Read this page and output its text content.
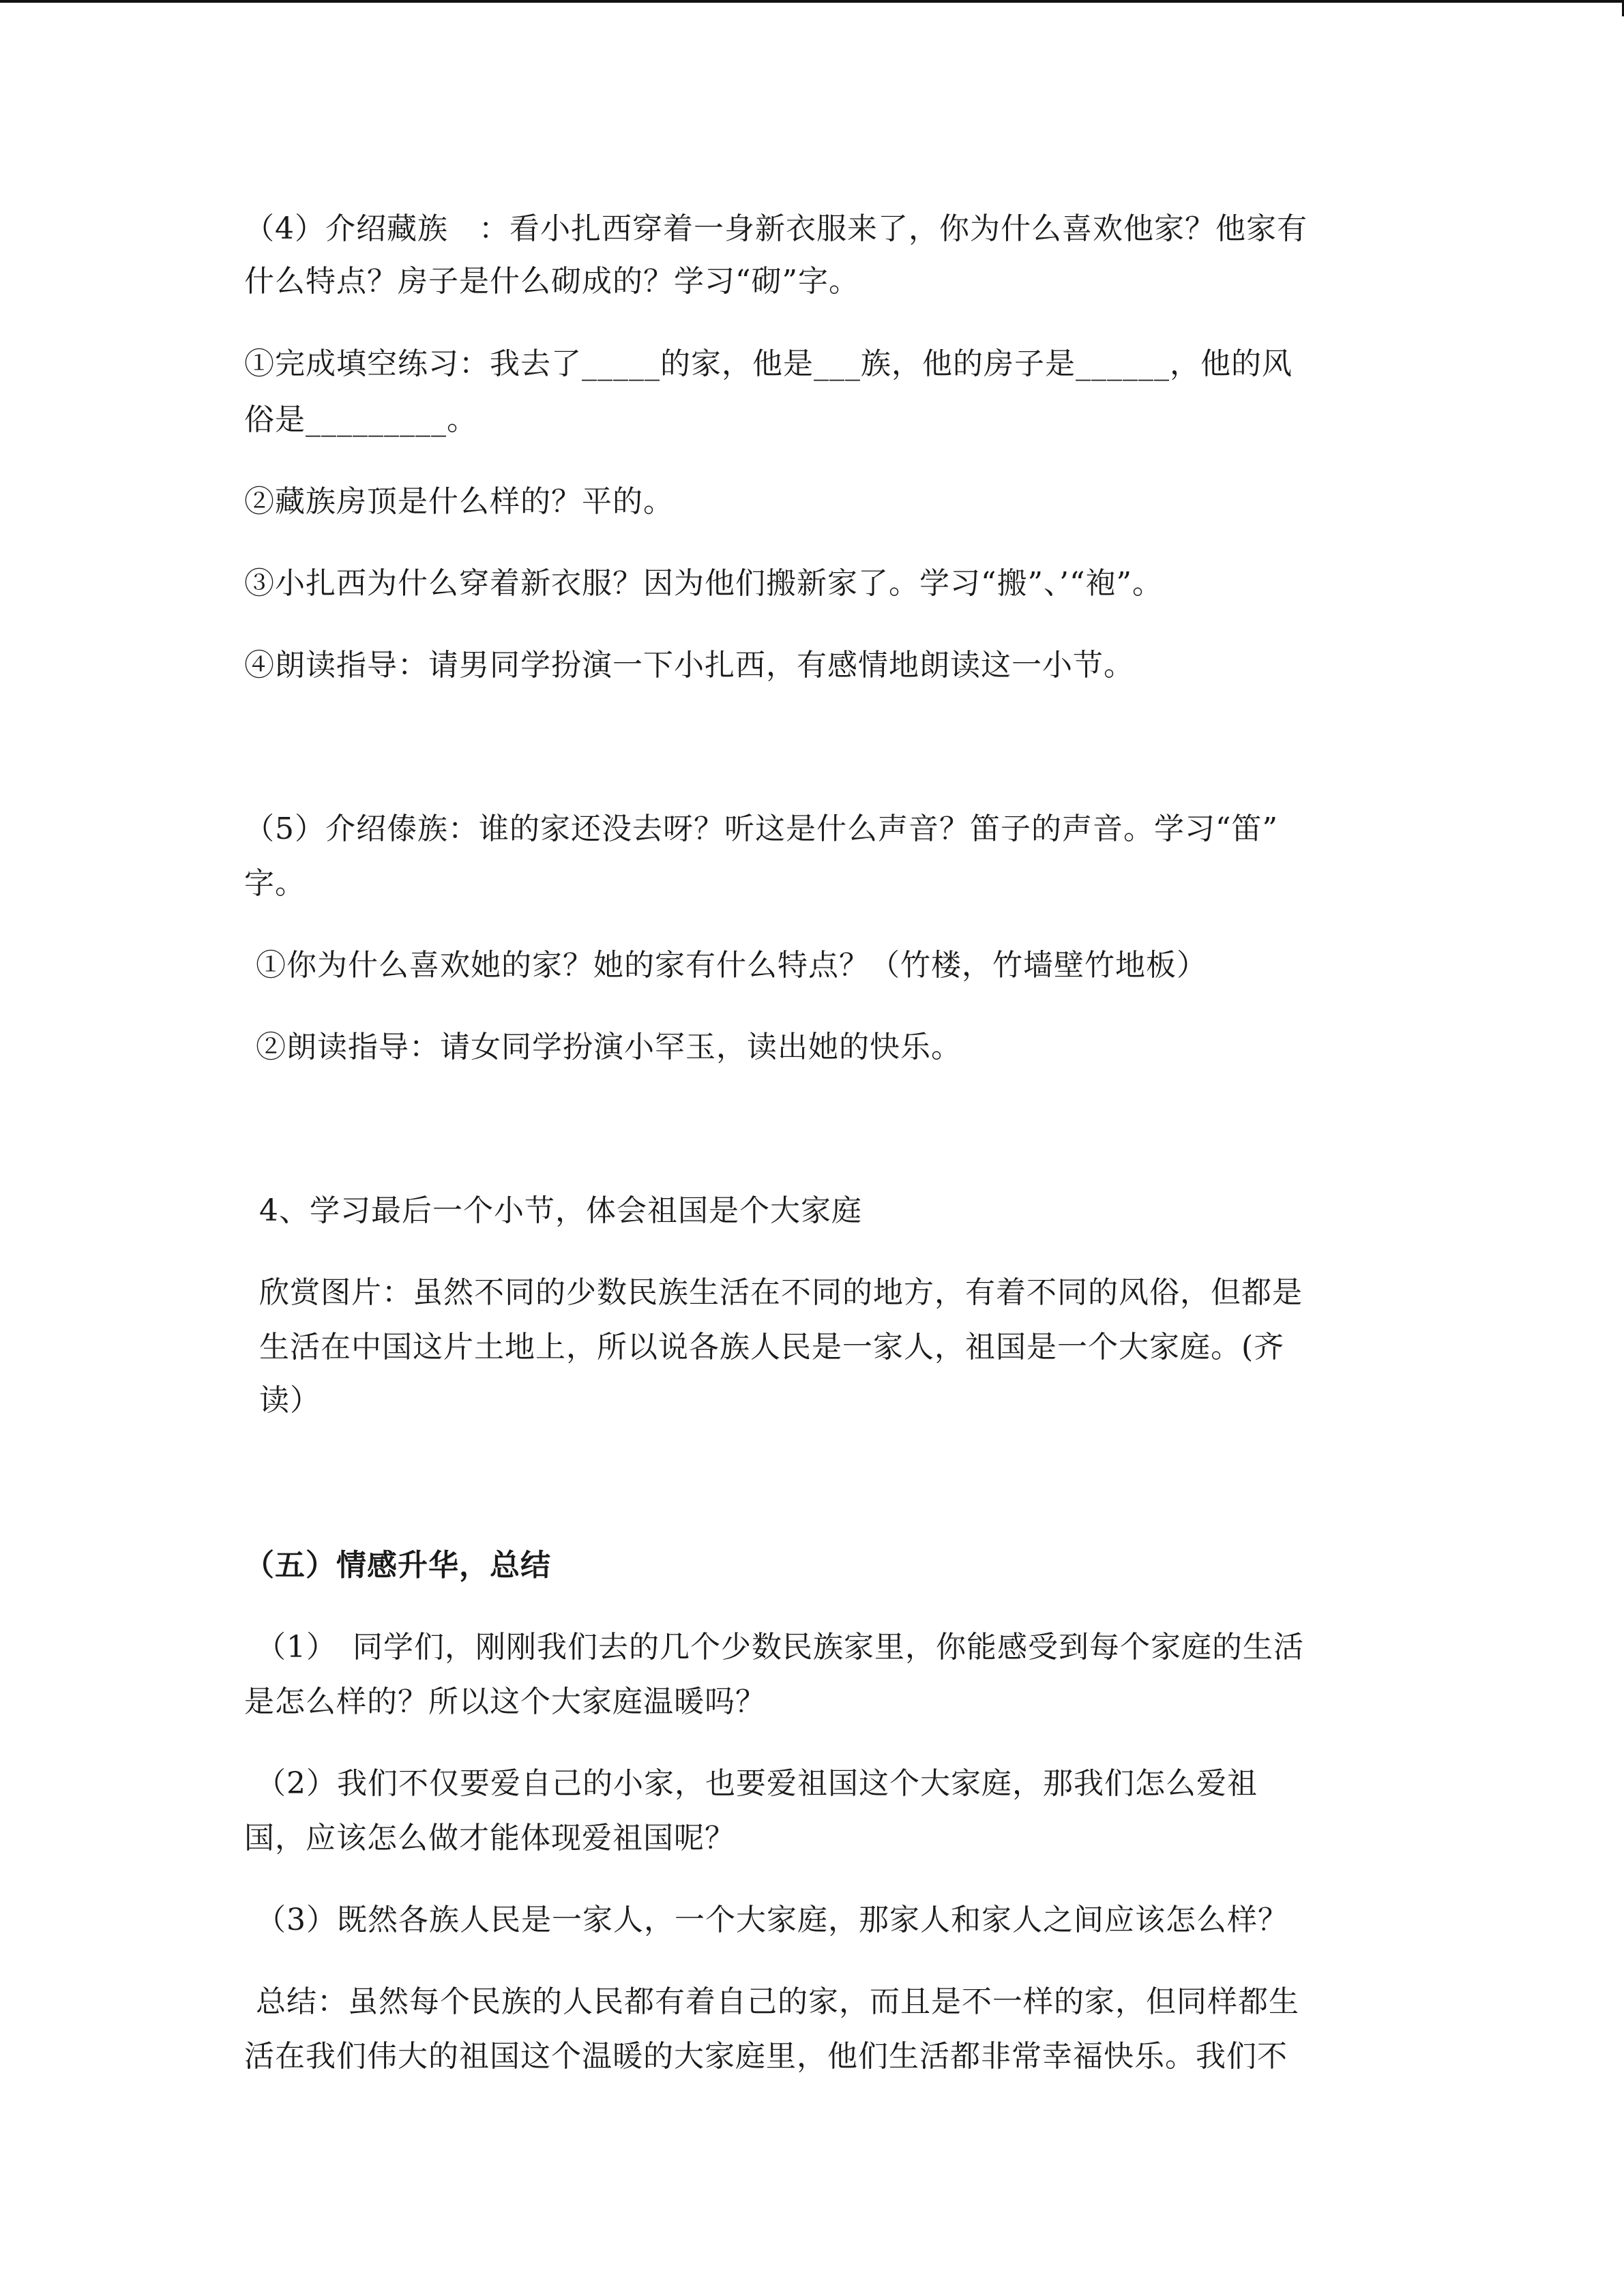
（4）介绍藏族　：看小扎西穿着一身新衣服来了，你为什么喜欢他家？他家有
什么特点？房子是什么砌成的？学习“砌”字。
①完成填空练习：我去了_____的家，他是___族，他的房子是______，他的风
俗是_________。
②藏族房顶是什么样的？平的。
③小扎西为什么穿着新衣服？因为他们搬新家了。学习“搬”、’“袍”。
④朗读指导：请男同学扮演一下小扎西，有感情地朗读这一小节。
（5）介绍傣族：谁的家还没去呀？听这是什么声音？笛子的声音。学习“笛”
字。
①你为什么喜欢她的家？她的家有什么特点？（竹楼，竹墙壁竹地板）
②朗读指导：请女同学扮演小罕玉，读出她的快乐。
4、学习最后一个小节，体会祖国是个大家庭
欣赏图片：虽然不同的少数民族生活在不同的地方，有着不同的风俗，但都是
生活在中国这片土地上，所以说各族人民是一家人，祖国是一个大家庭。(齐
读）
（五）情感升华，总结
（1）　同学们，刚刚我们去的几个少数民族家里，你能感受到每个家庭的生活
是怎么样的？所以这个大家庭温暖吗？
（2）我们不仅要爱自己的小家，也要爱祖国这个大家庭，那我们怎么爱祖
国，应该怎么做才能体现爱祖国呢？
（3）既然各族人民是一家人，一个大家庭，那家人和家人之间应该怎么样？
总结：虽然每个民族的人民都有着自己的家，而且是不一样的家，但同样都生
活在我们伟大的祖国这个温暖的大家庭里，他们生活都非常幸福快乐。我们不
